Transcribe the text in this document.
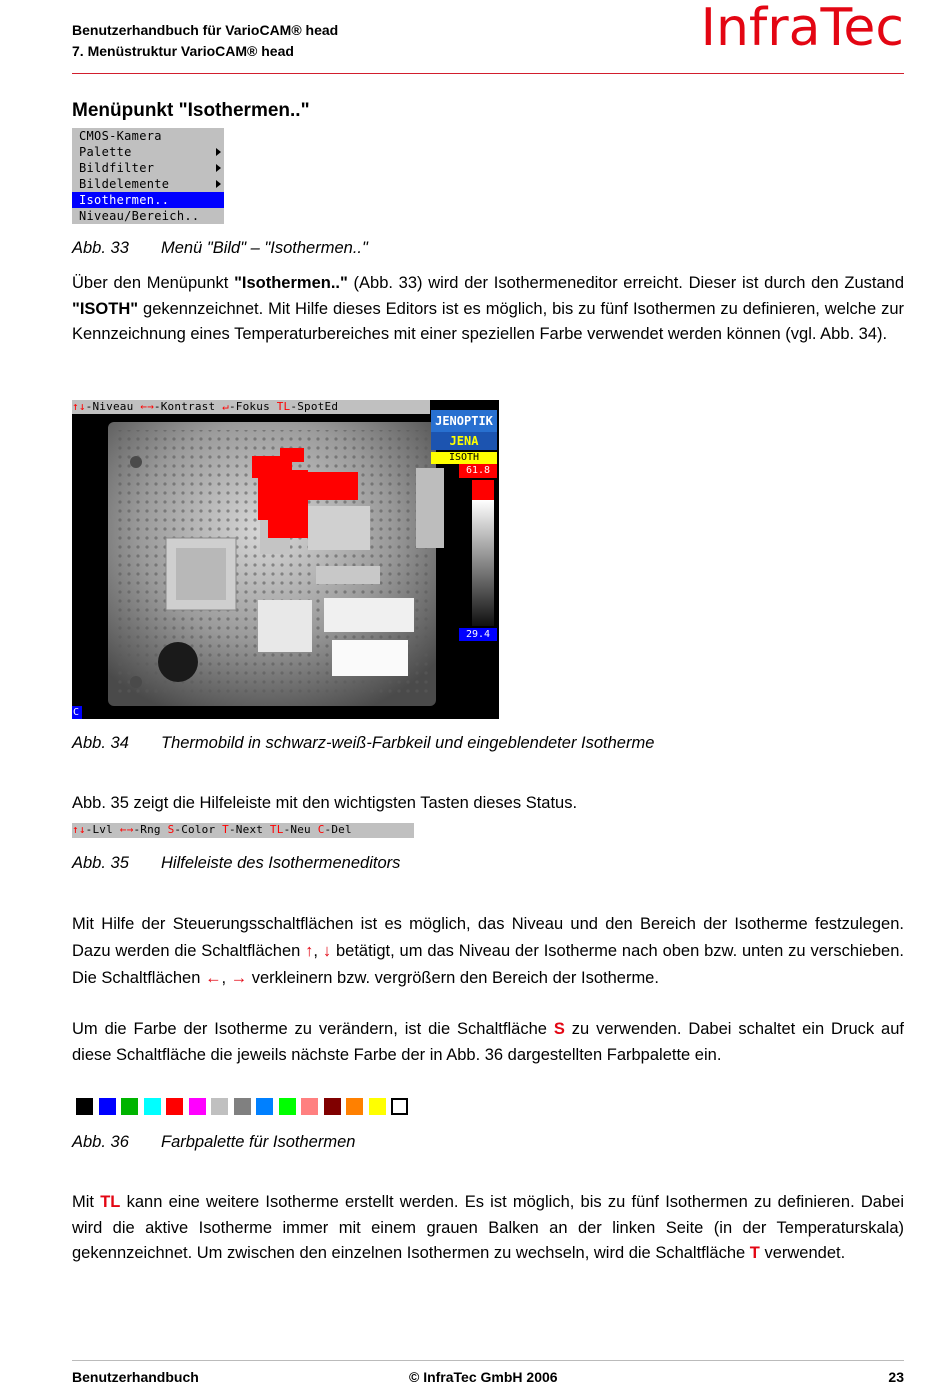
Benutzerhandbuch für VarioCAM® head
7. Menüstruktur VarioCAM® head	InfraTec
Menüpunkt "Isothermen.."
CMOS-Kamera
Palette
Bildfilter
Bildelemente
Isothermen..
Niveau/Bereich..
Abb. 33 Menü "Bild" – "Isothermen.."
Über den Menüpunkt "Isothermen.." (Abb. 33) wird der Isothermeneditor erreicht. Dieser ist durch den Zustand "ISOTH" gekennzeichnet. Mit Hilfe dieses Editors ist es möglich, bis zu fünf Isothermen zu definieren, welche zur Kennzeichnung eines Temperaturbereiches mit einer speziellen Farbe verwendet werden können (vgl. Abb. 34).
↑↓-Niveau ←→-Kontrast ↵-Fokus TL-SpotEd
JENOPTIK
JENA
ISOTH
61.8
29.4
C
Abb. 34 Thermobild in schwarz-weiß-Farbkeil und eingeblendeter Isotherme
Abb. 35 zeigt die Hilfeleiste mit den wichtigsten Tasten dieses Status.
↑↓-Lvl ←→-Rng S-Color T-Next TL-Neu C-Del
Abb. 35 Hilfeleiste des Isothermeneditors
Mit Hilfe der Steuerungsschaltflächen ist es möglich, das Niveau und den Bereich der Isotherme festzulegen. Dazu werden die Schaltflächen ↑, ↓ betätigt, um das Niveau der Isotherme nach oben bzw. unten zu verschieben. Die Schaltflächen ←, → verkleinern bzw. vergrößern den Bereich der Isotherme.
Um die Farbe der Isotherme zu verändern, ist die Schaltfläche S zu verwenden. Dabei schaltet ein Druck auf diese Schaltfläche die jeweils nächste Farbe der in Abb. 36 dargestellten Farbpalette ein.
Abb. 36 Farbpalette für Isothermen
Mit TL kann eine weitere Isotherme erstellt werden. Es ist möglich, bis zu fünf Isothermen zu definieren. Dabei wird die aktive Isotherme immer mit einem grauen Balken an der linken Seite (in der Temperaturskala) gekennzeichnet. Um zwischen den einzelnen Isothermen zu wechseln, wird die Schaltfläche T verwendet.
Benutzerhandbuch	© InfraTec GmbH 2006	23
